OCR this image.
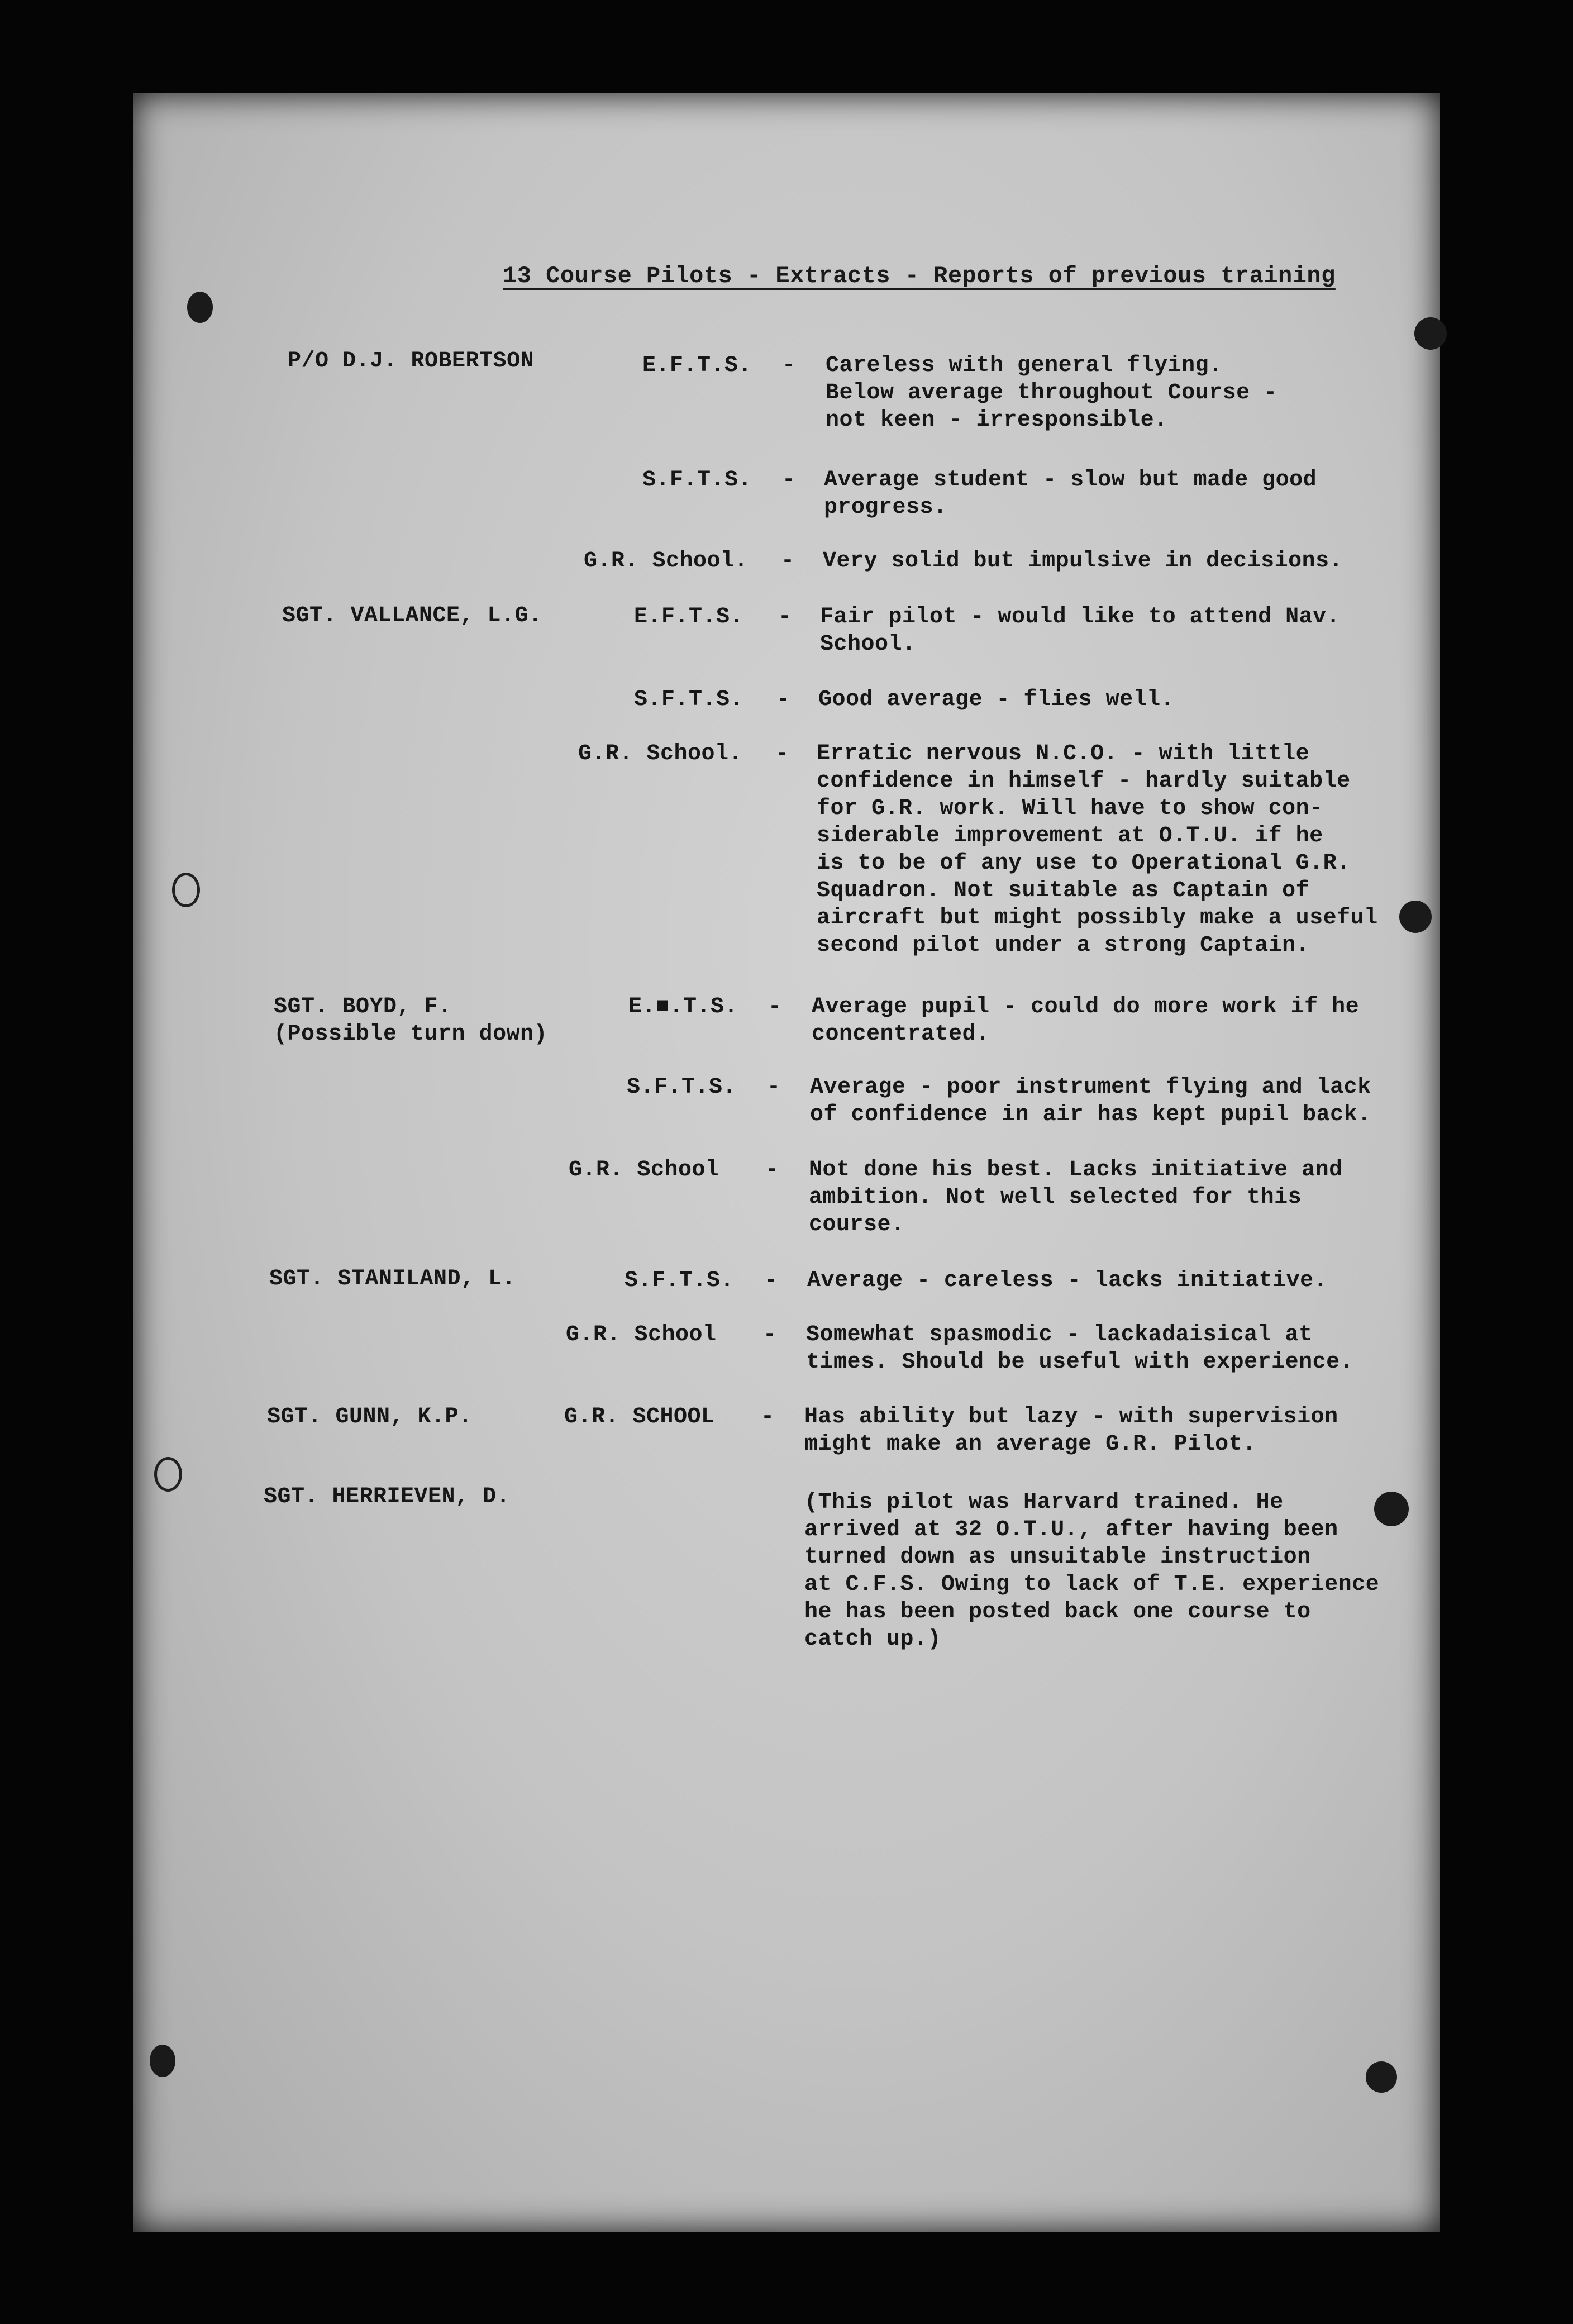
13 Course Pilots - Extracts - Reports of previous training
P/O D.J. ROBERTSON	E.F.T.S. - Careless with general flying.
Below average throughout Course -
not keen - irresponsible.
S.F.T.S. - Average student - slow but made good
progress.
G.R. School. - Very solid but impulsive in decisions.
SGT. VALLANCE, L.G.	E.F.T.S. - Fair pilot - would like to attend Nav.
School.
S.F.T.S. - Good average - flies well.
G.R. School. - Erratic nervous N.C.O. - with little
confidence in himself - hardly suitable
for G.R. work. Will have to show con-
siderable improvement at O.T.U. if he
is to be of any use to Operational G.R.
Squadron. Not suitable as Captain of
aircraft but might possibly make a useful
second pilot under a strong Captain.
SGT. BOYD, F.
(Possible turn down)
E.■.T.S. - Average pupil - could do more work if he
concentrated.
S.F.T.S. - Average - poor instrument flying and lack
of confidence in air has kept pupil back.
G.R. School - Not done his best. Lacks initiative and
ambition. Not well selected for this
course.
SGT. STANILAND, L.	S.F.T.S. - Average - careless - lacks initiative.
G.R. School - Somewhat spasmodic - lackadaisical at
times. Should be useful with experience.
SGT. GUNN, K.P.	G.R. SCHOOL - Has ability but lazy - with supervision
might make an average G.R. Pilot.
SGT. HERRIEVEN, D.	(This pilot was Harvard trained. He
arrived at 32 O.T.U., after having been
turned down as unsuitable instruction
at C.F.S. Owing to lack of T.E. experience
he has been posted back one course to
catch up.)
